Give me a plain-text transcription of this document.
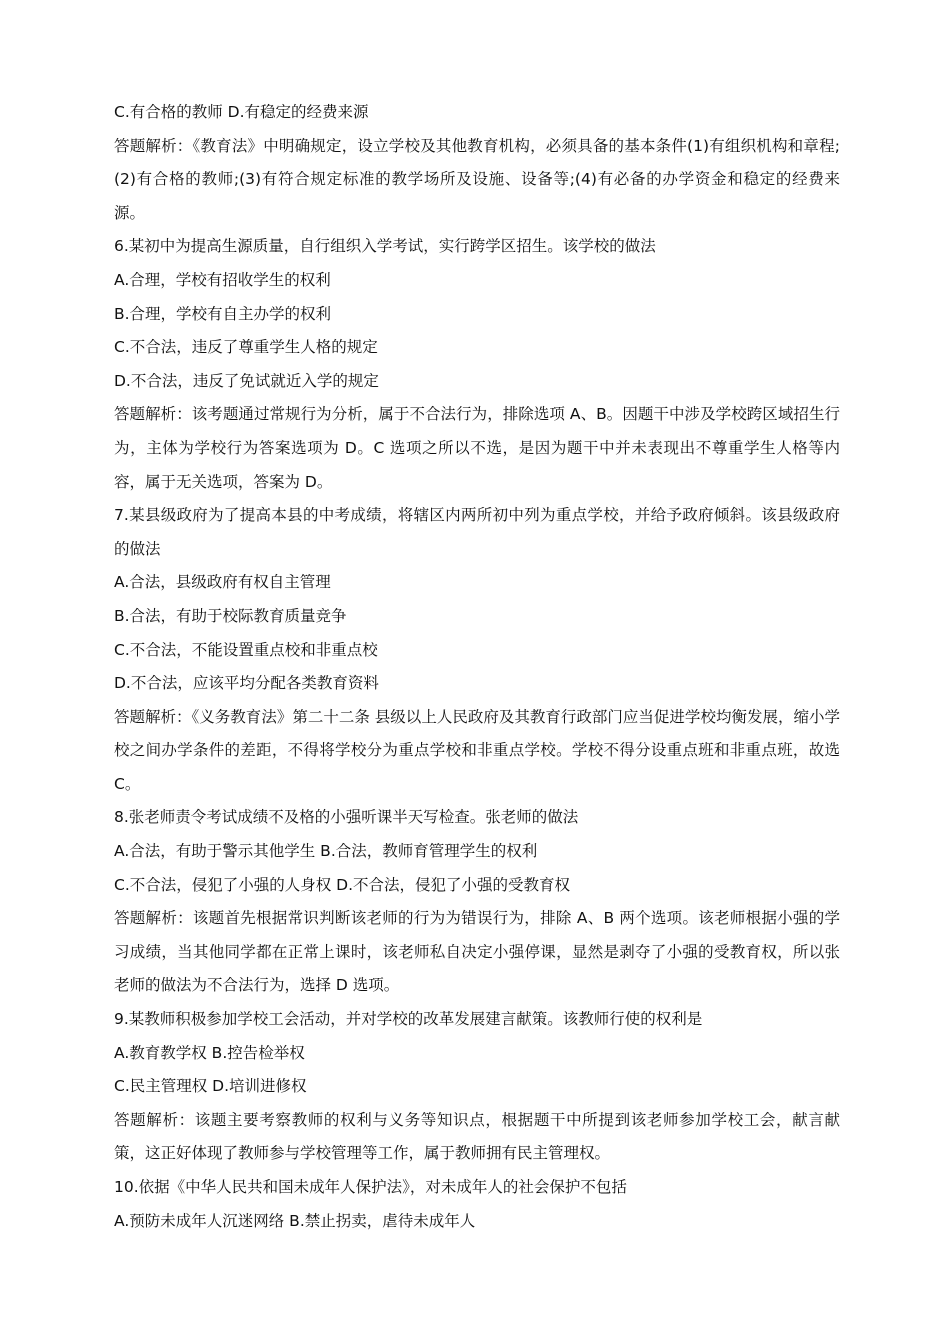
C.有合格的教师 D.有稳定的经费来源
答题解析：《教育法》中明确规定，设立学校及其他教育机构，必须具备的基本条件(1)有组织机构和章程;(2)有合格的教师;(3)有符合规定标准的教学场所及设施、设备等;(4)有必备的办学资金和稳定的经费来源。
6.某初中为提高生源质量，自行组织入学考试，实行跨学区招生。该学校的做法
A.合理，学校有招收学生的权利
B.合理，学校有自主办学的权利
C.不合法，违反了尊重学生人格的规定
D.不合法，违反了免试就近入学的规定
答题解析：该考题通过常规行为分析，属于不合法行为，排除选项 A、B。因题干中涉及学校跨区域招生行为，主体为学校行为答案选项为 D。C 选项之所以不选，是因为题干中并未表现出不尊重学生人格等内容，属于无关选项，答案为 D。
7.某县级政府为了提高本县的中考成绩，将辖区内两所初中列为重点学校，并给予政府倾斜。该县级政府的做法
A.合法，县级政府有权自主管理
B.合法，有助于校际教育质量竞争
C.不合法，不能设置重点校和非重点校
D.不合法，应该平均分配各类教育资料
答题解析：《义务教育法》第二十二条 县级以上人民政府及其教育行政部门应当促进学校均衡发展，缩小学校之间办学条件的差距，不得将学校分为重点学校和非重点学校。学校不得分设重点班和非重点班，故选 C。
8.张老师责令考试成绩不及格的小强听课半天写检查。张老师的做法
A.合法，有助于警示其他学生 B.合法，教师育管理学生的权利
C.不合法，侵犯了小强的人身权 D.不合法，侵犯了小强的受教育权
答题解析：该题首先根据常识判断该老师的行为为错误行为，排除 A、B 两个选项。该老师根据小强的学习成绩，当其他同学都在正常上课时，该老师私自决定小强停课，显然是剥夺了小强的受教育权，所以张老师的做法为不合法行为，选择 D 选项。
9.某教师积极参加学校工会活动，并对学校的改革发展建言献策。该教师行使的权利是
A.教育教学权 B.控告检举权
C.民主管理权 D.培训进修权
答题解析：该题主要考察教师的权利与义务等知识点，根据题干中所提到该老师参加学校工会，献言献策，这正好体现了教师参与学校管理等工作，属于教师拥有民主管理权。
10.依据《中华人民共和国未成年人保护法》，对未成年人的社会保护不包括
A.预防未成年人沉迷网络 B.禁止拐卖，虐待未成年人
